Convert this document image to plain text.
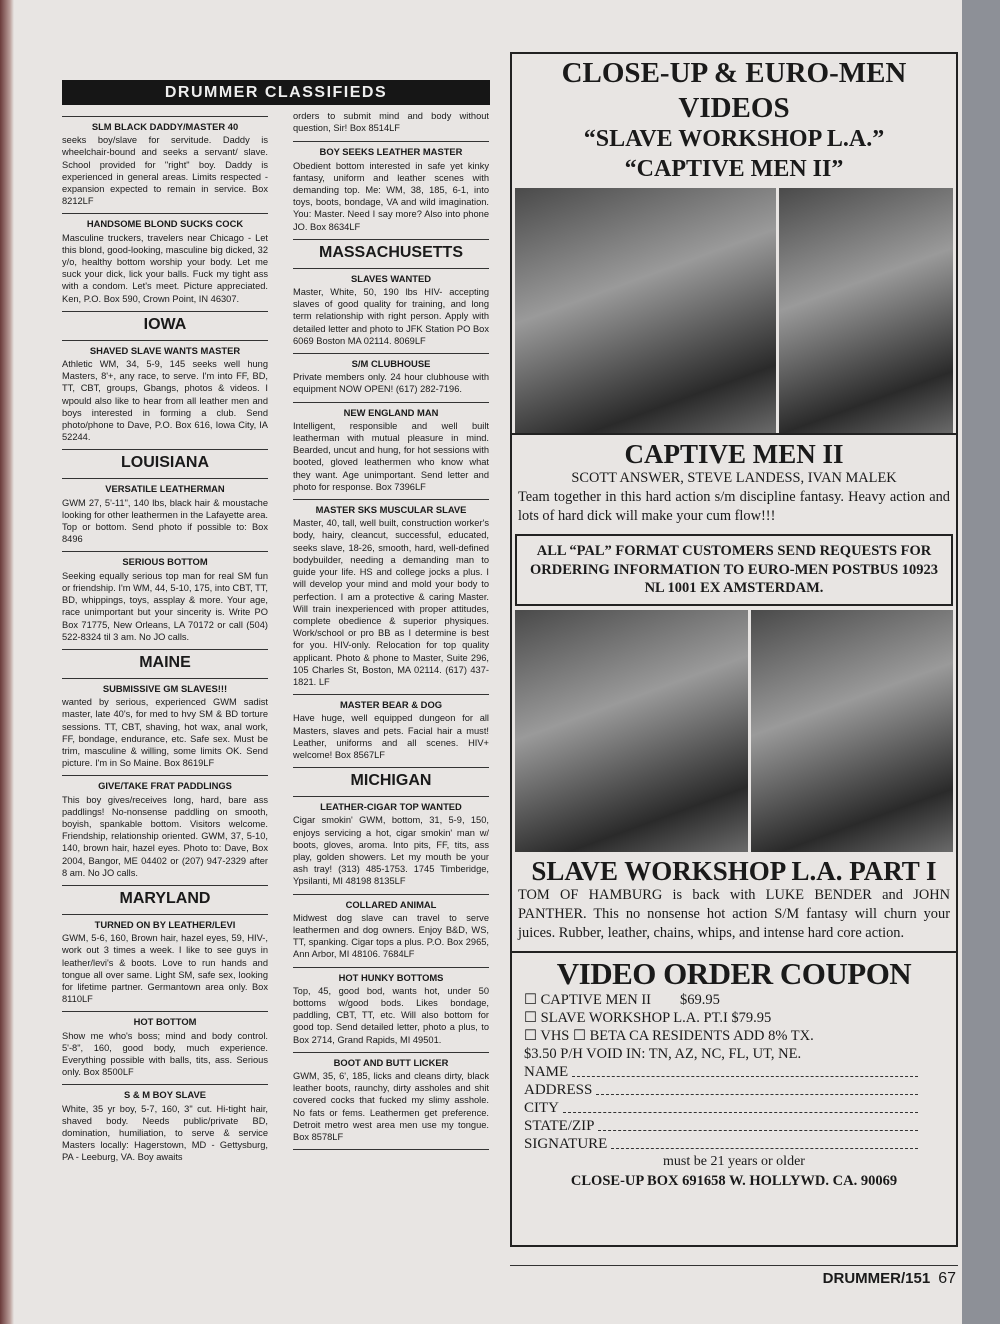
DRUMMER CLASSIFIEDS
SLM BLACK DADDY/MASTER 40

seeks boy/slave for servitude. Daddy is wheelchair-bound and seeks a servant/ slave. School provided for "right" boy. Daddy is experienced in general areas. Limits respected - expansion expected to remain in service. Box 8212LF

HANDSOME BLOND SUCKS COCK

Masculine truckers, travelers near Chicago - Let this blond, good-looking, masculine big dicked, 32 y/o, healthy bottom worship your body. Let me suck your dick, lick your balls. Fuck my tight ass with a condom. Let's meet. Picture appreciated. Ken, P.O. Box 590, Crown Point, IN 46307.

IOWA
SHAVED SLAVE WANTS MASTER

Athletic WM, 34, 5-9, 145 seeks well hung Masters, 8'+, any race, to serve. I'm into FF, BD, TT, CBT, groups, Gbangs, photos & videos. I wpould also like to hear from all leather men and boys interested in forming a club. Send photo/phone to Dave, P.O. Box 616, Iowa City, IA 52244.

LOUISIANA
VERSATILE LEATHERMAN

GWM 27, 5'-11", 140 lbs, black hair & moustache looking for other leathermen in the Lafayette area. Top or bottom. Send photo if possible to: Box 8496

SERIOUS BOTTOM

Seeking equally serious top man for real SM fun or friendship. I'm WM, 44, 5-10, 175, into CBT, TT, BD, whippings, toys, assplay & more. Your age, race unimportant but your sincerity is. Write PO Box 71775, New Orleans, LA 70172 or call (504) 522-8324 til 3 am. No JO calls.

MAINE
SUBMISSIVE GM SLAVES!!!

wanted by serious, experienced GWM sadist master, late 40's, for med to hvy SM & BD torture sessions. TT, CBT, shaving, hot wax, anal work, FF, bondage, endurance, etc. Safe sex. Must be trim, masculine & willing, some limits OK. Send picture. I'm in So Maine. Box 8619LF

GIVE/TAKE FRAT PADDLINGS

This boy gives/receives long, hard, bare ass paddlings! No-nonsense paddling on smooth, boyish, spankable bottom. Visitors welcome. Friendship, relationship oriented. GWM, 37, 5-10, 140, brown hair, hazel eyes. Photo to: Dave, Box 2004, Bangor, ME 04402 or (207) 947-2329 after 8 am. No JO calls.

MARYLAND
TURNED ON BY LEATHER/LEVI

GWM, 5-6, 160, Brown hair, hazel eyes, 59, HIV-, work out 3 times a week. I like to see guys in leather/levi's & boots. Love to run hands and tongue all over same. Light SM, safe sex, looking for lifetime partner. Germantown area only. Box 8110LF

HOT BOTTOM

Show me who's boss; mind and body control. 5'-8", 160, good body, much experience. Everything possible with balls, tits, ass. Serious only. Box 8500LF

S & M BOY SLAVE

White, 35 yr boy, 5-7, 160, 3" cut. Hi-tight hair, shaved body. Needs public/private BD, domination, humiliation, to serve & service Masters locally: Hagerstown, MD - Gettysburg, PA - Leeburg, VA. Boy awaits

orders to submit mind and body without question, Sir! Box 8514LF
BOY SEEKS LEATHER MASTER

Obedient bottom interested in safe yet kinky fantasy, uniform and leather scenes with demanding top. Me: WM, 38, 185, 6-1, into toys, boots, bondage, VA and wild imagination. You: Master. Need I say more? Also into phone JO. Box 8634LF

MASSACHUSETTS
SLAVES WANTED

Master, White, 50, 190 lbs HIV- accepting slaves of good quality for training, and long term relationship with right person. Apply with detailed letter and photo to JFK Station PO Box 6069 Boston MA 02114. 8069LF

S/M CLUBHOUSE

Private members only. 24 hour clubhouse with equipment NOW OPEN! (617) 282-7196.

NEW ENGLAND MAN

Intelligent, responsible and well built leatherman with mutual pleasure in mind. Bearded, uncut and hung, for hot sessions with booted, gloved leathermen who know what they want. Age unimportant. Send letter and photo for response. Box 7396LF

MASTER SKS MUSCULAR SLAVE

Master, 40, tall, well built, construction worker's body, hairy, cleancut, successful, educated, seeks slave, 18-26, smooth, hard, well-defined bodybuilder, needing a demanding man to guide your life. HS and college jocks a plus. I will develop your mind and mold your body to perfection. I am a protective & caring Master. Will train inexperienced with proper attitudes, complete obedience & superior physiques. Work/school or pro BB as I determine is best for you. HIV-only. Relocation for top quality applicant. Photo & phone to Master, Suite 296, 105 Charles St, Boston, MA 02114. (617) 437-1821. LF

MASTER BEAR & DOG

Have huge, well equipped dungeon for all Masters, slaves and pets. Facial hair a must! Leather, uniforms and all scenes. HIV+ welcome! Box 8567LF

MICHIGAN
LEATHER-CIGAR TOP WANTED

Cigar smokin' GWM, bottom, 31, 5-9, 150, enjoys servicing a hot, cigar smokin' man w/ boots, gloves, aroma. Into pits, FF, tits, ass play, golden showers. Let my mouth be your ash tray! (313) 485-1753. 1745 Timberidge, Ypsilanti, MI 48198 8135LF

COLLARED ANIMAL

Midwest dog slave can travel to serve leathermen and dog owners. Enjoy B&D, WS, TT, spanking. Cigar tops a plus. P.O. Box 2965, Ann Arbor, MI 48106. 7684LF

HOT HUNKY BOTTOMS

Top, 45, good bod, wants hot, under 50 bottoms w/good bods. Likes bondage, paddling, CBT, TT, etc. Will also bottom for good top. Send detailed letter, photo a plus, to Box 2714, Grand Rapids, MI 49501.

BOOT AND BUTT LICKER

GWM, 35, 6', 185, licks and cleans dirty, black leather boots, raunchy, dirty assholes and shit covered cocks that fucked my slimy asshole. No fats or fems. Leathermen get preference. Detroit metro west area men use my tongue. Box 8578LF

CLOSE-UP & EURO-MEN
VIDEOS
“SLAVE WORKSHOP L.A.”
“CAPTIVE MEN II”
CAPTIVE MEN II
SCOTT ANSWER, STEVE LANDESS, IVAN MALEK
Team together in this hard action s/m discipline fantasy. Heavy action and lots of hard dick will make your cum flow!!!
ALL “PAL” FORMAT CUSTOMERS SEND REQUESTS FOR ORDERING INFORMATION TO EURO-MEN POSTBUS 10923 NL 1001 EX AMSTERDAM.
SLAVE WORKSHOP L.A. PART I
TOM OF HAMBURG is back with LUKE BENDER and JOHN PANTHER. This no nonsense hot action S/M fantasy will churn your juices. Rubber, leather, chains, whips, and intense hard core action.
VIDEO ORDER COUPON
☐ CAPTIVE MEN II        $69.95
☐ SLAVE WORKSHOP L.A. PT.I $79.95
☐ VHS ☐ BETA CA RESIDENTS ADD 8% TX.
$3.50 P/H VOID IN: TN, AZ, NC, FL, UT, NE.
NAME
ADDRESS
CITY
STATE/ZIP
SIGNATURE
must be 21 years or older
CLOSE-UP BOX 691658 W. HOLLYWD. CA. 90069
DRUMMER/151 67
